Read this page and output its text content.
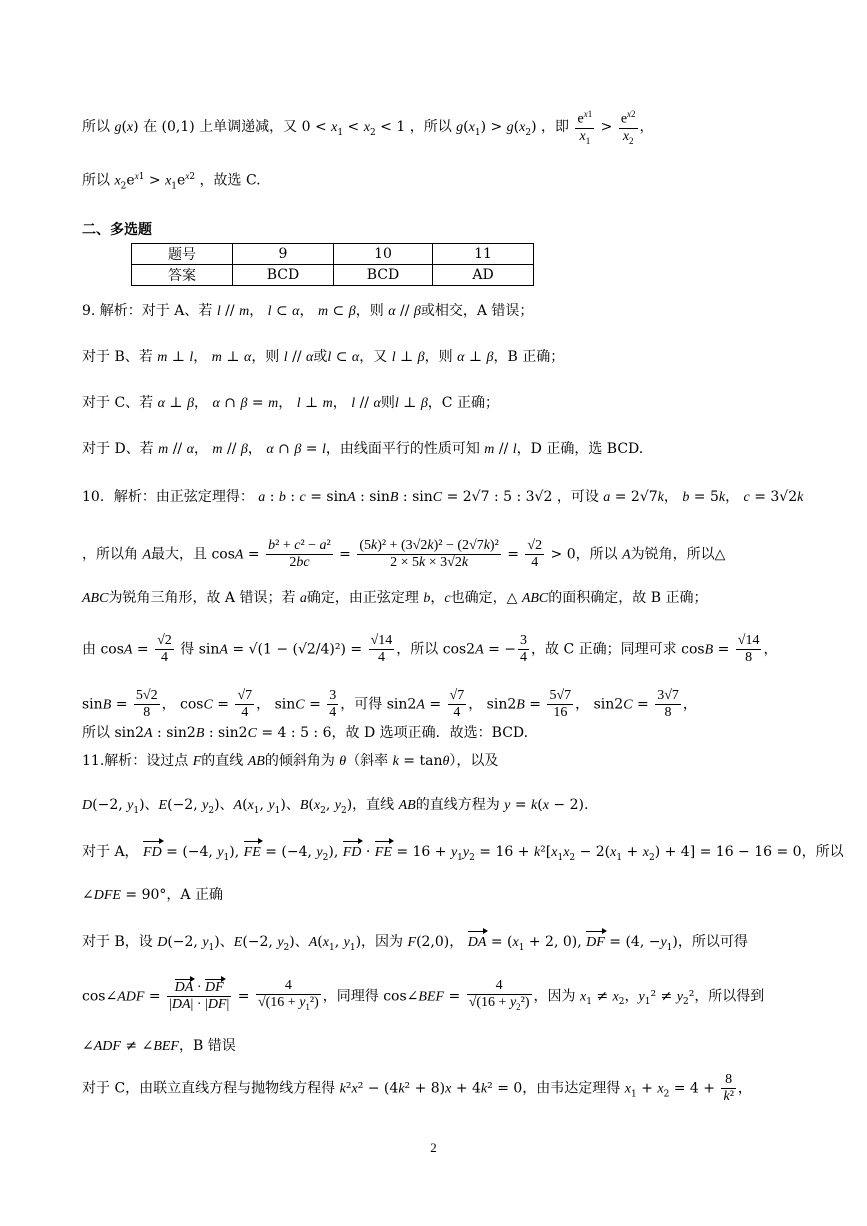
所以 g(x) 在 (0,1) 上单调递减，又 $0 < x_1 < x_2 < 1$ ，所以 $g(x_1) > g(x_2)$ ，即 $\frac{e^{x1}}{x_1} > \frac{e^{x2}}{x_2}$ ，
所以 $x_2e^{x1} > x_1e^{x2}$ ，故选 C.
二、多选题
题号	9	10	11
答案	BCD	BCD	AD
9. 解析：对于 A、若 l // m， l ⊂ α， m ⊂ β，则 α // β或相交，A 错误；
对于 B、若 m ⊥ l， m ⊥ α，则 l // α或l ⊂ α，又 l ⊥ β，则 α ⊥ β，B 正确；
对于 C、若 α ⊥ β， α ∩ β = m， l ⊥ m， l // α则l ⊥ β，C 正确；
对于 D、若 m // α， m // β， α ∩ β = l，由线面平行的性质可知 m // l，D 正确，选 BCD.
10．解析：由正弦定理得： a : b : c = sinA : sinB : sinC = 2√7 : 5 : 3√2 ，可设 a = 2√7k， b = 5k， c = 3√2k
，所以角 A最大，且 $\cos A = \frac{\text{b² + c² − a²}}{2bc} = \frac{\text{(5k)² + (3√2k)² − (2√7k)²}}{2 \times 5k \times 3√2k} = \frac{√2}{4} > 0$，所以 A为锐角，所以△
ABC为锐角三角形，故 A 错误；若 a确定，由正弦定理 b，c也确定，△ ABC的面积确定，故 B 正确；
由 $\cos A = \frac{√2}{4}$ 得 $\sin A = √(1 - (√2/4)^2) = \frac{√14}{4}$ ，所以 cos2A = − $\frac{3}{4}$ ，故 C 正确；同理可求 $\cos B = \frac{√14}{8}$ ，
$\sin B = \frac{5√2}{8}$ ， $\cos C = \frac{√7}{4}$ ， $\sin C = \frac{3}{4}$ ，可得 $\sin 2A = \frac{√7}{4}$ ， $\sin 2B = \frac{5√7}{16}$ ， $\sin 2C = \frac{3√7}{8}$ ，
所以 sin2A : sin2B : sin2C = 4 : 5 : 6，故 D 选项正确．故选：BCD.
11.解析：设过点 F的直线 AB的倾斜角为 θ（斜率 k = tanθ），以及
D(−2, $y_1$)、E(−2, $y_2$)、$A(x_1$, $y_1$)、$B(x_2$, $y_2$)，直线 AB的直线方程为 y = k(x − 2).
对于 A， FD = (−4, $y_1$), FE = (−4, $y_2$), FD · FE = $16 + y_1y_2 = 16 + k^2[x_1x_2 - 2(x_1 + x_2) + 4] = 16 - 16 = 0$，所以
∠DFE = 90°，A 正确
对于 B，设 D(−2, $y_1$)、E(−2, $y_2$)、$A(x_1$, $y_1$)，因为 F(2,0)， DA = ($x_1 + 2$, 0), DF = (4, $-y_1$)，所以可得
cos∠ADF = $\frac{DA \cdot DF}{|DA| \cdot |DF|} = \frac{4}{√(16 + y_1^2)}$ ，同理得 cos∠BEF = $\frac{4}{√(16 + y_2^2)}$ ，因为 $x_1 \ne x_2$，$y_1^2 \ne y_2^2$，所以得到
∠ADF ≠ ∠BEF，B 错误
对于 C，由联立直线方程与抛物线方程得 k²x² − (4k² + 8)x + 4k² = 0，由韦达定理得 $x_1 + x_2 = 4 + \frac{8}{\text{k²}}$ ，
2
